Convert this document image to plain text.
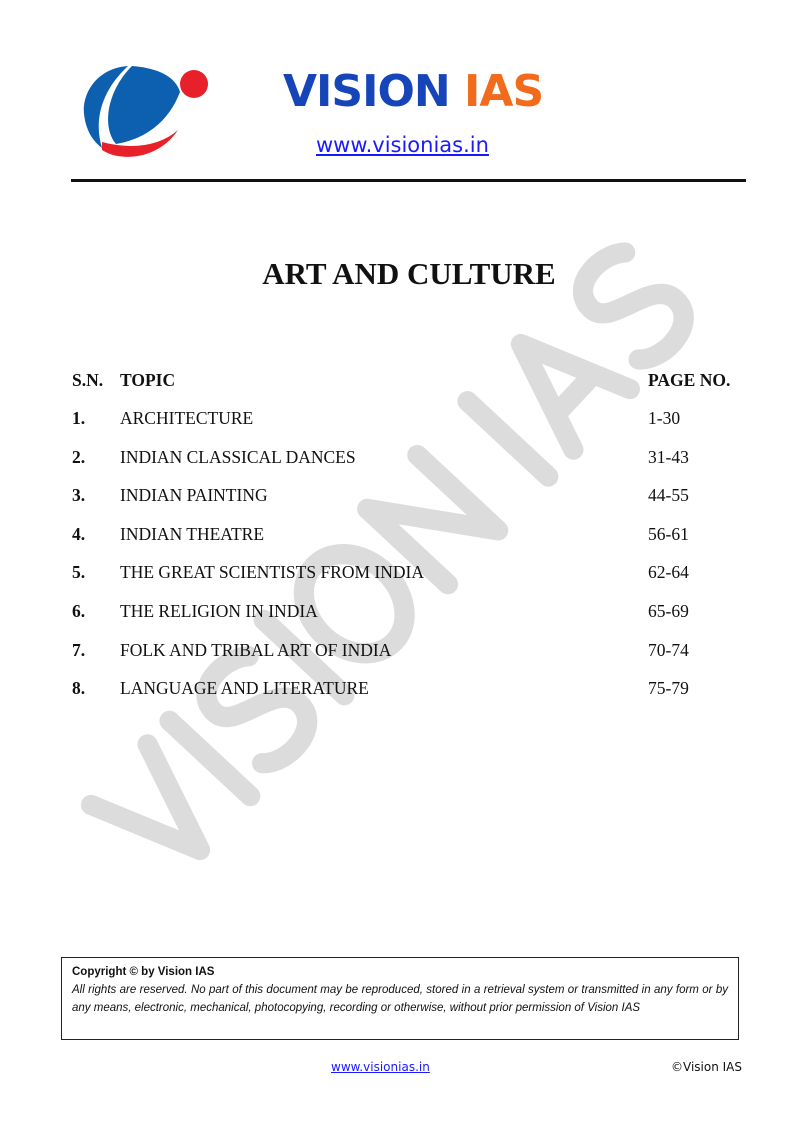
VISION IAS
www.visionias.in
ART AND CULTURE
S.N. TOPIC	PAGE NO.
1. ARCHITECTURE	1-30
2. INDIAN CLASSICAL DANCES	31-43
3. INDIAN PAINTING	44-55
4. INDIAN THEATRE	56-61
5. THE GREAT SCIENTISTS FROM INDIA	62-64
6. THE RELIGION IN INDIA	65-69
7. FOLK AND TRIBAL ART OF INDIA	70-74
8. LANGUAGE AND LITERATURE	75-79
Copyright © by Vision IAS
All rights are reserved. No part of this document may be reproduced, stored in a retrieval system or transmitted in any form or by any means, electronic, mechanical, photocopying, recording or otherwise, without prior permission of Vision IAS
www.visionias.in	©Vision IAS
